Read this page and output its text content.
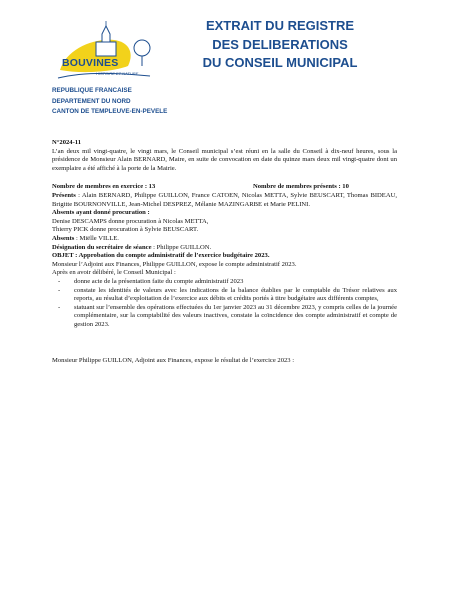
BOUVINES
HISTOIRE ET NATURE
EXTRAIT DU REGISTRE
DES DELIBERATIONS
DU CONSEIL MUNICIPAL
REPUBLIQUE FRANCAISE
DEPARTEMENT DU NORD
CANTON DE TEMPLEUVE-EN-PEVELE

N°2024-11

L’an deux mil vingt-quatre, le vingt mars, le Conseil municipal s’est réuni en la salle du Conseil à dix-neuf heures, sous la présidence de Monsieur Alain BERNARD, Maire, en suite de convocation en date du quinze mars deux mil vingt-quatre dont un exemplaire a été affiché à la porte de la Mairie.

Nombre de membres en exercice : 13	Nombre de membres présents : 10

Présents : Alain BERNARD, Philippe GUILLON, France CATOEN, Nicolas METTA, Sylvie BEUSCART, Thomas BIDEAU, Brigitte BOURNONVILLE, Jean-Michel DESPREZ, Mélanie MAZINGARBE et Marie PELINI.

Absents ayant donné procuration :

Denise DESCAMPS donne procuration à Nicolas METTA,

Thierry PICK donne procuration à Sylvie BEUSCART.

Absents : Miëlle VILLE.

Désignation du secrétaire de séance : Philippe GUILLON.

OBJET : Approbation du compte administratif de l’exercice budgétaire 2023.

Monsieur l’Adjoint aux Finances, Philippe GUILLON, expose le compte administratif 2023.

Après en avoir délibéré, le Conseil Municipal :

- donne acte de la présentation faite du compte administratif 2023
- constate les identités de valeurs avec les indications de la balance établies par le comptable du Trésor relatives aux reports, au résultat d’exploitation de l’exercice aux débits et crédits portés à titre budgétaire aux différents comptes,
- statuant sur l’ensemble des opérations effectuées du 1er janvier 2023 au 31 décembre 2023, y compris celles de la journée complémentaire, sur la comptabilité des valeurs inactives, constate la coïncidence des compte administratif et compte de gestion 2023.

Monsieur Philippe GUILLON, Adjoint aux Finances, expose le résultat de l’exercice 2023 :
